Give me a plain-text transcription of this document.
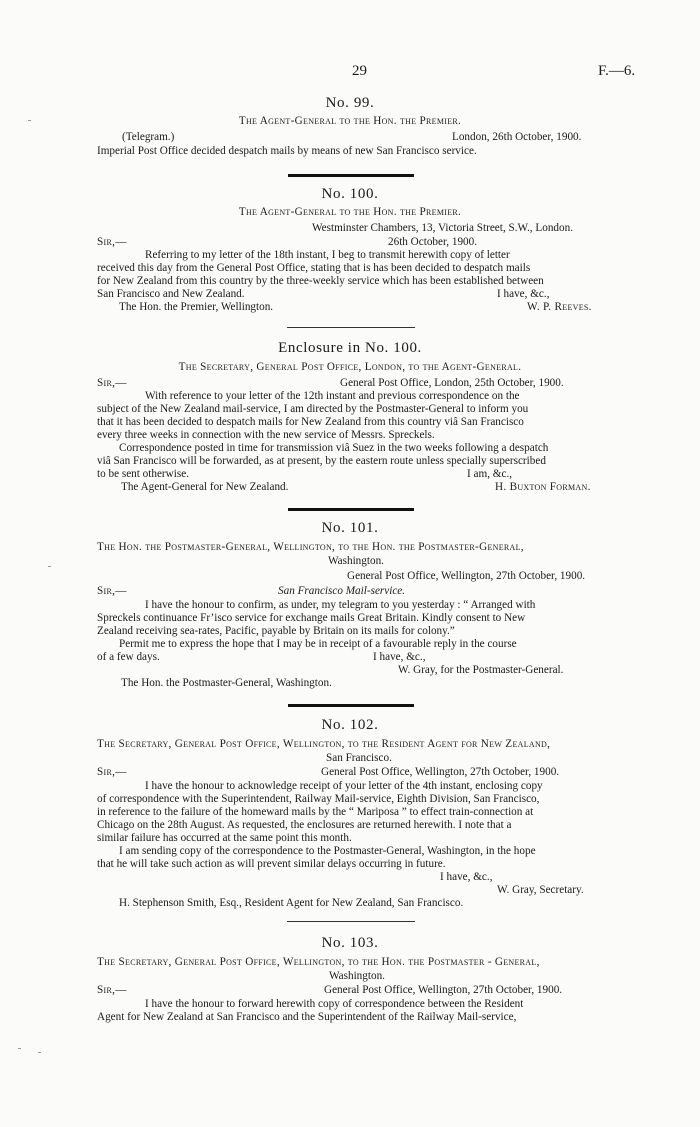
29	F.—6.
No. 99.
The Agent-General to the Hon. the Premier.
(Telegram.)	London, 26th October, 1900.
Imperial Post Office decided despatch mails by means of new San Francisco service.
No. 100.
The Agent-General to the Hon. the Premier.
Westminster Chambers, 13, Victoria Street, S.W., London.
Sir,—	26th October, 1900.
Referring to my letter of the 18th instant, I beg to transmit herewith copy of letter
received this day from the General Post Office, stating that is has been decided to despatch mails
for New Zealand from this country by the three-weekly service which has been established between
San Francisco and New Zealand.	I have, &c.,
The Hon. the Premier, Wellington.	W. P. Reeves.
Enclosure in No. 100.
The Secretary, General Post Office, London, to the Agent-General.
Sir,—	General Post Office, London, 25th October, 1900.
With reference to your letter of the 12th instant and previous correspondence on the
subject of the New Zealand mail-service, I am directed by the Postmaster-General to inform you
that it has been decided to despatch mails for New Zealand from this country viâ San Francisco
every three weeks in connection with the new service of Messrs. Spreckels.
Correspondence posted in time for transmission viâ Suez in the two weeks following a despatch
viâ San Francisco will be forwarded, as at present, by the eastern route unless specially superscribed
to be sent otherwise.	I am, &c.,
The Agent-General for New Zealand.	H. Buxton Forman.
No. 101.
The Hon. the Postmaster-General, Wellington, to the Hon. the Postmaster-General,
Washington.
General Post Office, Wellington, 27th October, 1900.
Sir,—	San Francisco Mail-service.
I have the honour to confirm, as under, my telegram to you yesterday : “ Arranged with
Spreckels continuance Fr’isco service for exchange mails Great Britain. Kindly consent to New
Zealand receiving sea-rates, Pacific, payable by Britain on its mails for colony.”
Permit me to express the hope that I may be in receipt of a favourable reply in the course
of a few days.	I have, &c.,
W. Gray, for the Postmaster-General.
The Hon. the Postmaster-General, Washington.
No. 102.
The Secretary, General Post Office, Wellington, to the Resident Agent for New Zealand,
San Francisco.
Sir,—	General Post Office, Wellington, 27th October, 1900.
I have the honour to acknowledge receipt of your letter of the 4th instant, enclosing copy
of correspondence with the Superintendent, Railway Mail-service, Eighth Division, San Francisco,
in reference to the failure of the homeward mails by the “ Mariposa ” to effect train-connection at
Chicago on the 28th August. As requested, the enclosures are returned herewith. I note that a
similar failure has occurred at the same point this month.
I am sending copy of the correspondence to the Postmaster-General, Washington, in the hope
that he will take such action as will prevent similar delays occurring in future.
I have, &c.,
W. Gray, Secretary.
H. Stephenson Smith, Esq., Resident Agent for New Zealand, San Francisco.
No. 103.
The Secretary, General Post Office, Wellington, to the Hon. the Postmaster - General,
Washington.
Sir,—	General Post Office, Wellington, 27th October, 1900.
I have the honour to forward herewith copy of correspondence between the Resident
Agent for New Zealand at San Francisco and the Superintendent of the Railway Mail-service,
